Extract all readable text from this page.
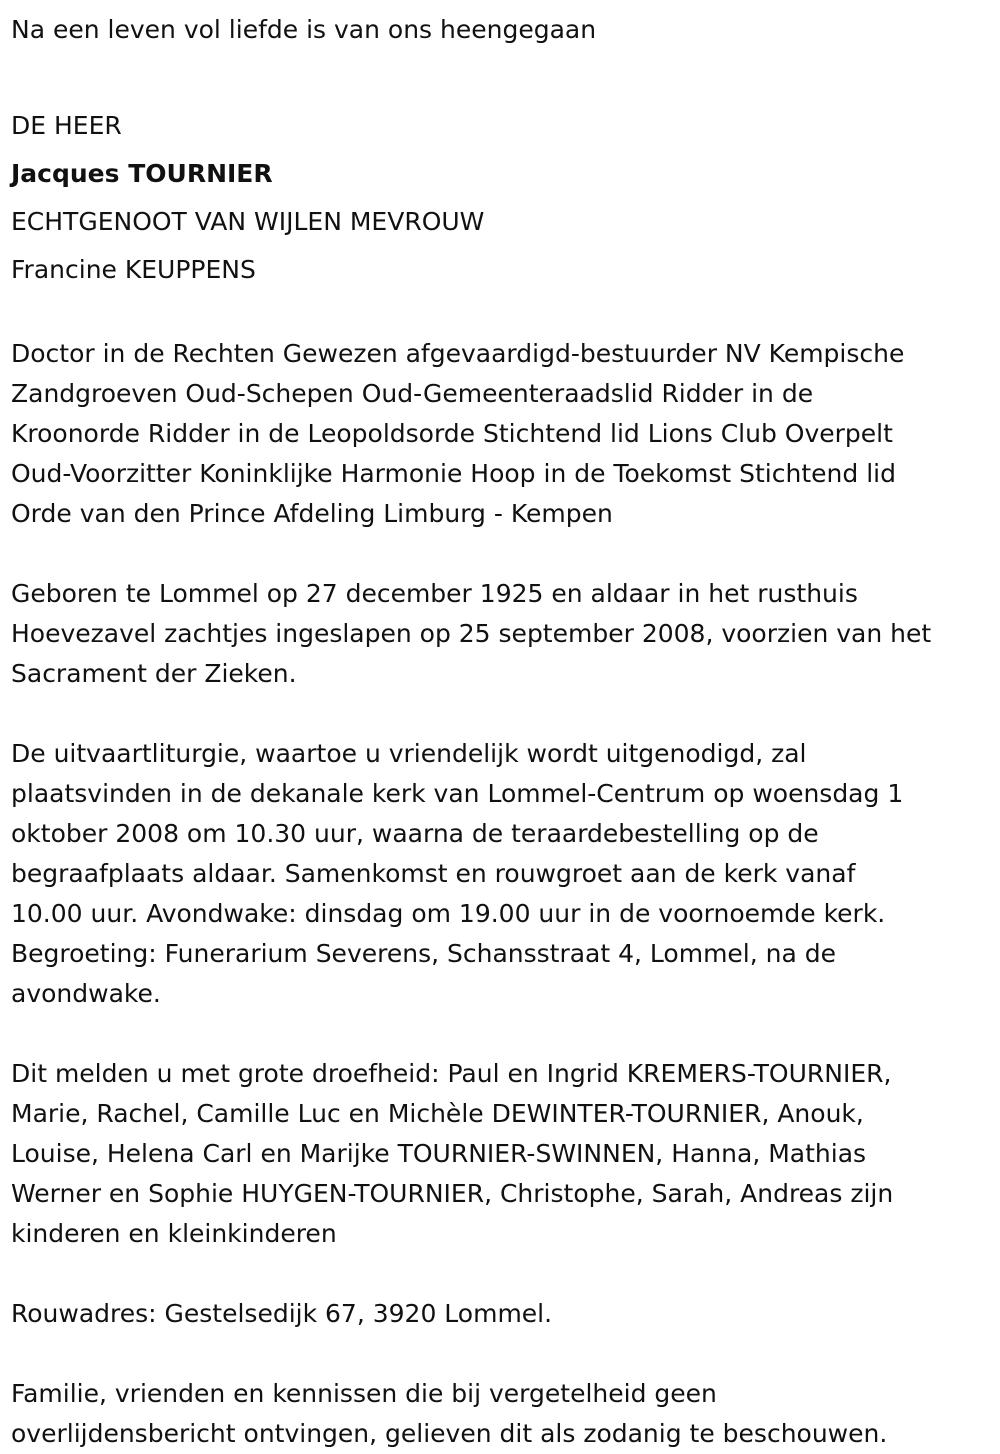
Na een leven vol liefde is van ons heengegaan

DE HEER

Jacques TOURNIER

ECHTGENOOT VAN WIJLEN MEVROUW

Francine KEUPPENS

Doctor in de Rechten Gewezen afgevaardigd-bestuurder NV Kempische
Zandgroeven Oud-Schepen Oud-Gemeenteraadslid Ridder in de
Kroonorde Ridder in de Leopoldsorde Stichtend lid Lions Club Overpelt
Oud-Voorzitter Koninklijke Harmonie Hoop in de Toekomst Stichtend lid
Orde van den Prince Afdeling Limburg - Kempen
Geboren te Lommel op 27 december 1925 en aldaar in het rusthuis
Hoevezavel zachtjes ingeslapen op 25 september 2008, voorzien van het
Sacrament der Zieken.
De uitvaartliturgie, waartoe u vriendelijk wordt uitgenodigd, zal
plaatsvinden in de dekanale kerk van Lommel-Centrum op woensdag 1
oktober 2008 om 10.30 uur, waarna de teraardebestelling op de
begraafplaats aldaar. Samenkomst en rouwgroet aan de kerk vanaf
10.00 uur. Avondwake: dinsdag om 19.00 uur in de voornoemde kerk.
Begroeting: Funerarium Severens, Schansstraat 4, Lommel, na de
avondwake.
Dit melden u met grote droefheid: Paul en Ingrid KREMERS-TOURNIER,
Marie, Rachel, Camille Luc en Michèle DEWINTER-TOURNIER, Anouk,
Louise, Helena Carl en Marijke TOURNIER-SWINNEN, Hanna, Mathias
Werner en Sophie HUYGEN-TOURNIER, Christophe, Sarah, Andreas zijn
kinderen en kleinkinderen
Rouwadres: Gestelsedijk 67, 3920 Lommel.
Familie, vrienden en kennissen die bij vergetelheid geen
overlijdensbericht ontvingen, gelieven dit als zodanig te beschouwen.
